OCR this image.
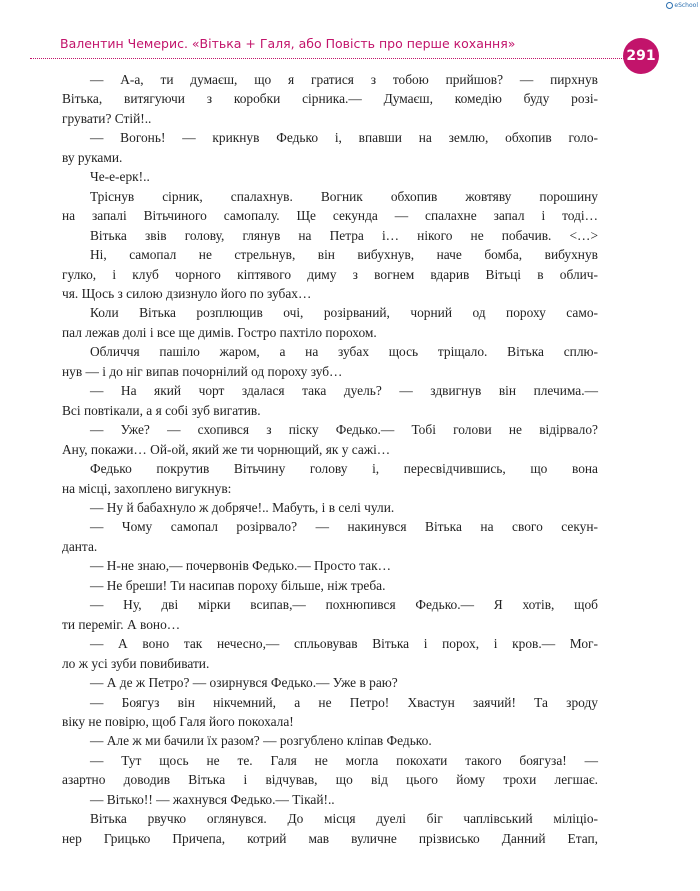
eSchool
Валентин Чемерис. «Вітька + Галя, або Повість про перше кохання»
291
— А-а, ти думаєш, що я гратися з тобою прийшов? — пирхнув
Вітька, витягуючи з коробки сірника.— Думаєш, комедію буду розі-
грувати? Стій!..
— Вогонь! — крикнув Федько і, впавши на землю, обхопив голо-
ву руками.
Че-е-ерк!..
Тріснув сірник, спалахнув. Вогник обхопив жовтяву порошину
на запалі Вітьчиного самопалу. Ще секунда — спалахне запал і тоді…
Вітька звів голову, глянув на Петра і… нікого не побачив. <…>
Ні, самопал не стрельнув, він вибухнув, наче бомба, вибухнув
гулко, і клуб чорного кіптявого диму з вогнем вдарив Вітьці в облич-
чя. Щось з силою дзизнуло його по зубах…
Коли Вітька розплющив очі, розірваний, чорний од пороху само-
пал лежав долі і все ще димів. Гостро пахтіло порохом.
Обличчя пашіло жаром, а на зубах щось тріщало. Вітька сплю-
нув — і до ніг випав почорнілий од пороху зуб…
— На який чорт здалася така дуель? — здвигнув він плечима.—
Всі повтікали, а я собі зуб вигатив.
— Уже? — схопився з піску Федько.— Тобі голови не відірвало?
Ану, покажи… Ой-ой, який же ти чорнющий, як у сажі…
Федько покрутив Вітьчину голову і, пересвідчившись, що вона
на місці, захоплено вигукнув:
— Ну й бабахнуло ж добряче!.. Мабуть, і в селі чули.
— Чому самопал розірвало? — накинувся Вітька на свого секун-
данта.
— Н-не знаю,— почервонів Федько.— Просто так…
— Не бреши! Ти насипав пороху більше, ніж треба.
— Ну, дві мірки всипав,— похнюпився Федько.— Я хотів, щоб
ти переміг. А воно…
— А воно так нечесно,— спльовував Вітька і порох, і кров.— Мог-
ло ж усі зуби повибивати.
— А де ж Петро? — озирнувся Федько.— Уже в раю?
— Боягуз він нікчемний, а не Петро! Хвастун заячий! Та зроду
віку не повірю, щоб Галя його покохала!
— Але ж ми бачили їх разом? — розгублено кліпав Федько.
— Тут щось не те. Галя не могла покохати такого боягуза! —
азартно доводив Вітька і відчував, що від цього йому трохи легшає.
— Вітько!! — жахнувся Федько.— Тікай!..
Вітька рвучко оглянувся. До місця дуелі біг чаплівський міліціо-
нер Грицько Причепа, котрий мав вуличне прізвисько Данний Етап,
